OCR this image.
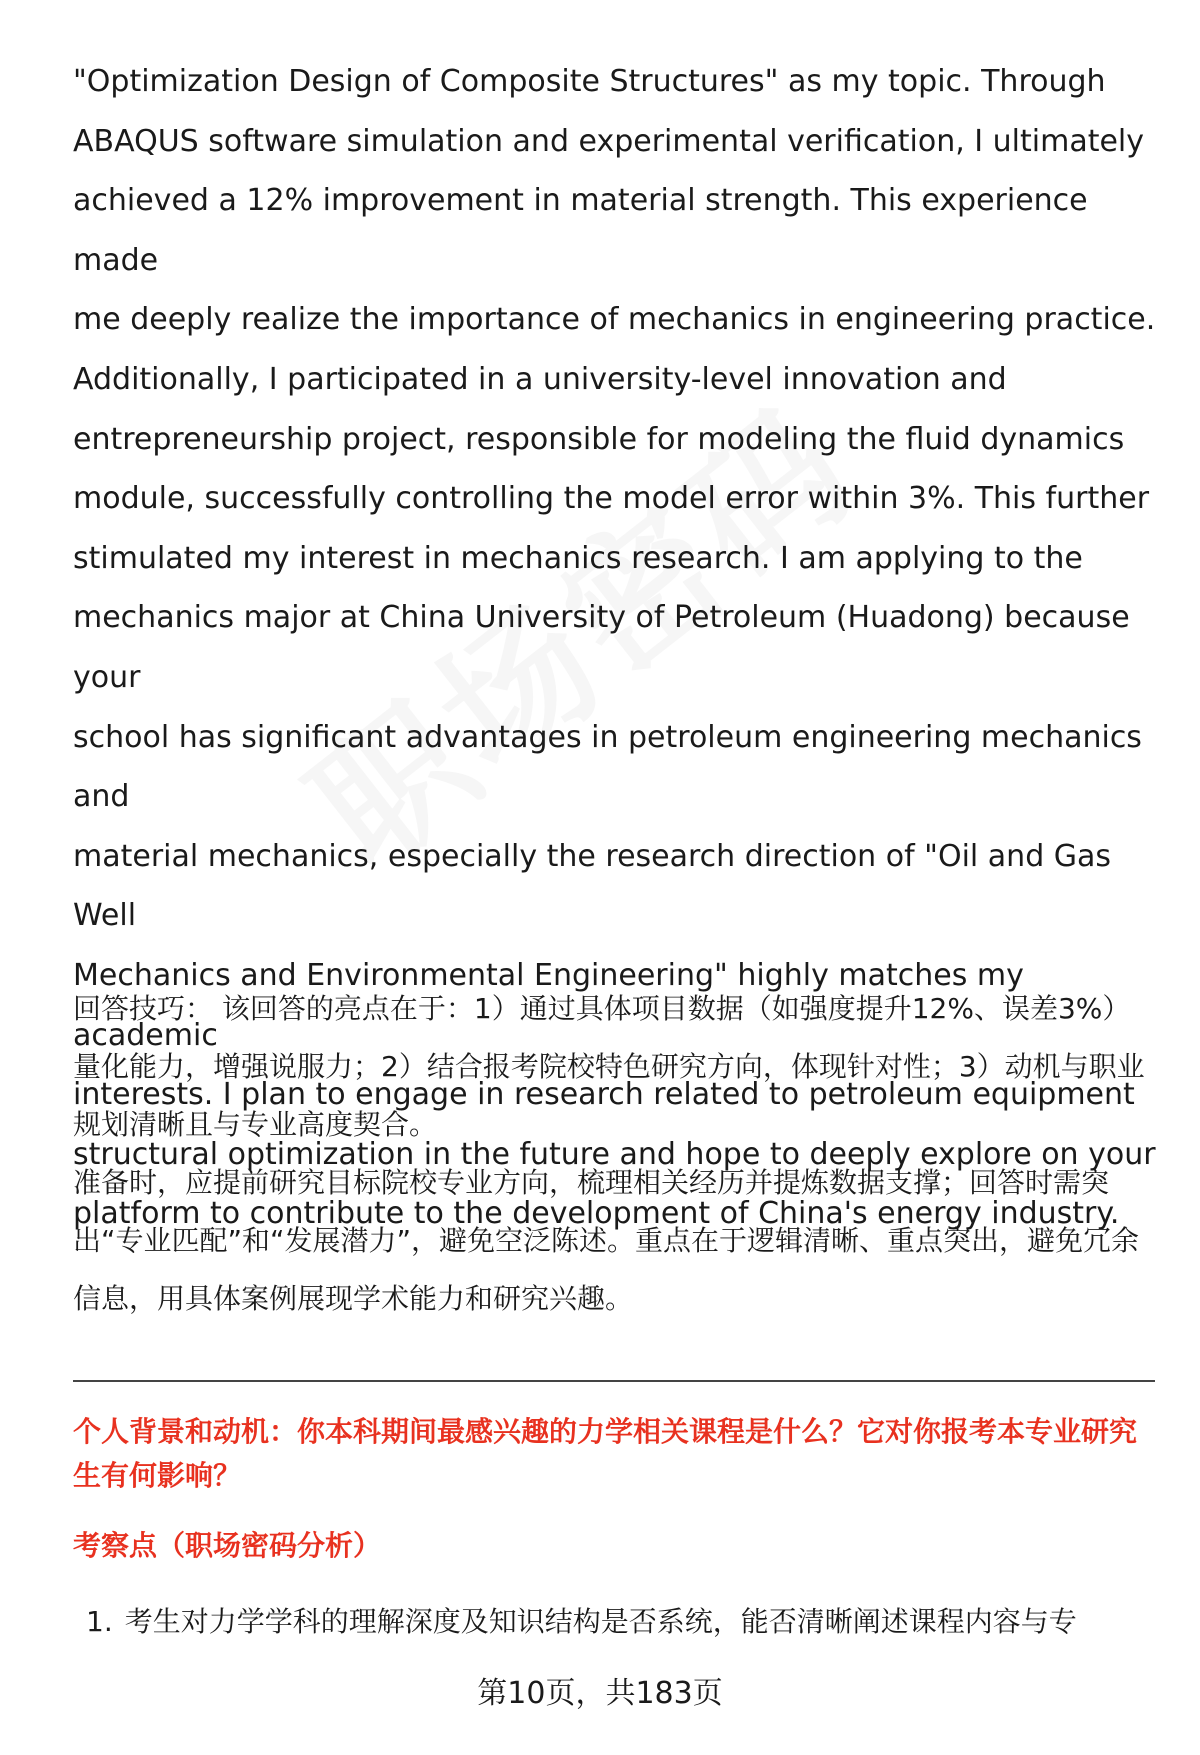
"Optimization Design of Composite Structures" as my topic. Through

ABAQUS software simulation and experimental verification, I ultimately

achieved a 12% improvement in material strength. This experience made

me deeply realize the importance of mechanics in engineering practice.

Additionally, I participated in a university-level innovation and

entrepreneurship project, responsible for modeling the fluid dynamics

module, successfully controlling the model error within 3%. This further

stimulated my interest in mechanics research. I am applying to the

mechanics major at China University of Petroleum (Huadong) because your

school has significant advantages in petroleum engineering mechanics and

material mechanics, especially the research direction of "Oil and Gas Well

Mechanics and Environmental Engineering" highly matches my academic

interests. I plan to engage in research related to petroleum equipment

structural optimization in the future and hope to deeply explore on your

platform to contribute to the development of China's energy industry.

回答技巧： 该回答的亮点在于：1）通过具体项目数据（如强度提升12%、误差3%）量化能力，增强说服力；2）结合报考院校特色研究方向，体现针对性；3）动机与职业规划清晰且与专业高度契合。

准备时，应提前研究目标院校专业方向，梳理相关经历并提炼数据支撑；回答时需突出“专业匹配”和“发展潜力”，避免空泛陈述。重点在于逻辑清晰、重点突出，避免冗余信息，用具体案例展现学术能力和研究兴趣。

个人背景和动机：你本科期间最感兴趣的力学相关课程是什么？它对你报考本专业研究生有何影响？

考察点（职场密码分析）

1. 考生对力学学科的理解深度及知识结构是否系统，能否清晰阐述课程内容与专
第10页，共183页
